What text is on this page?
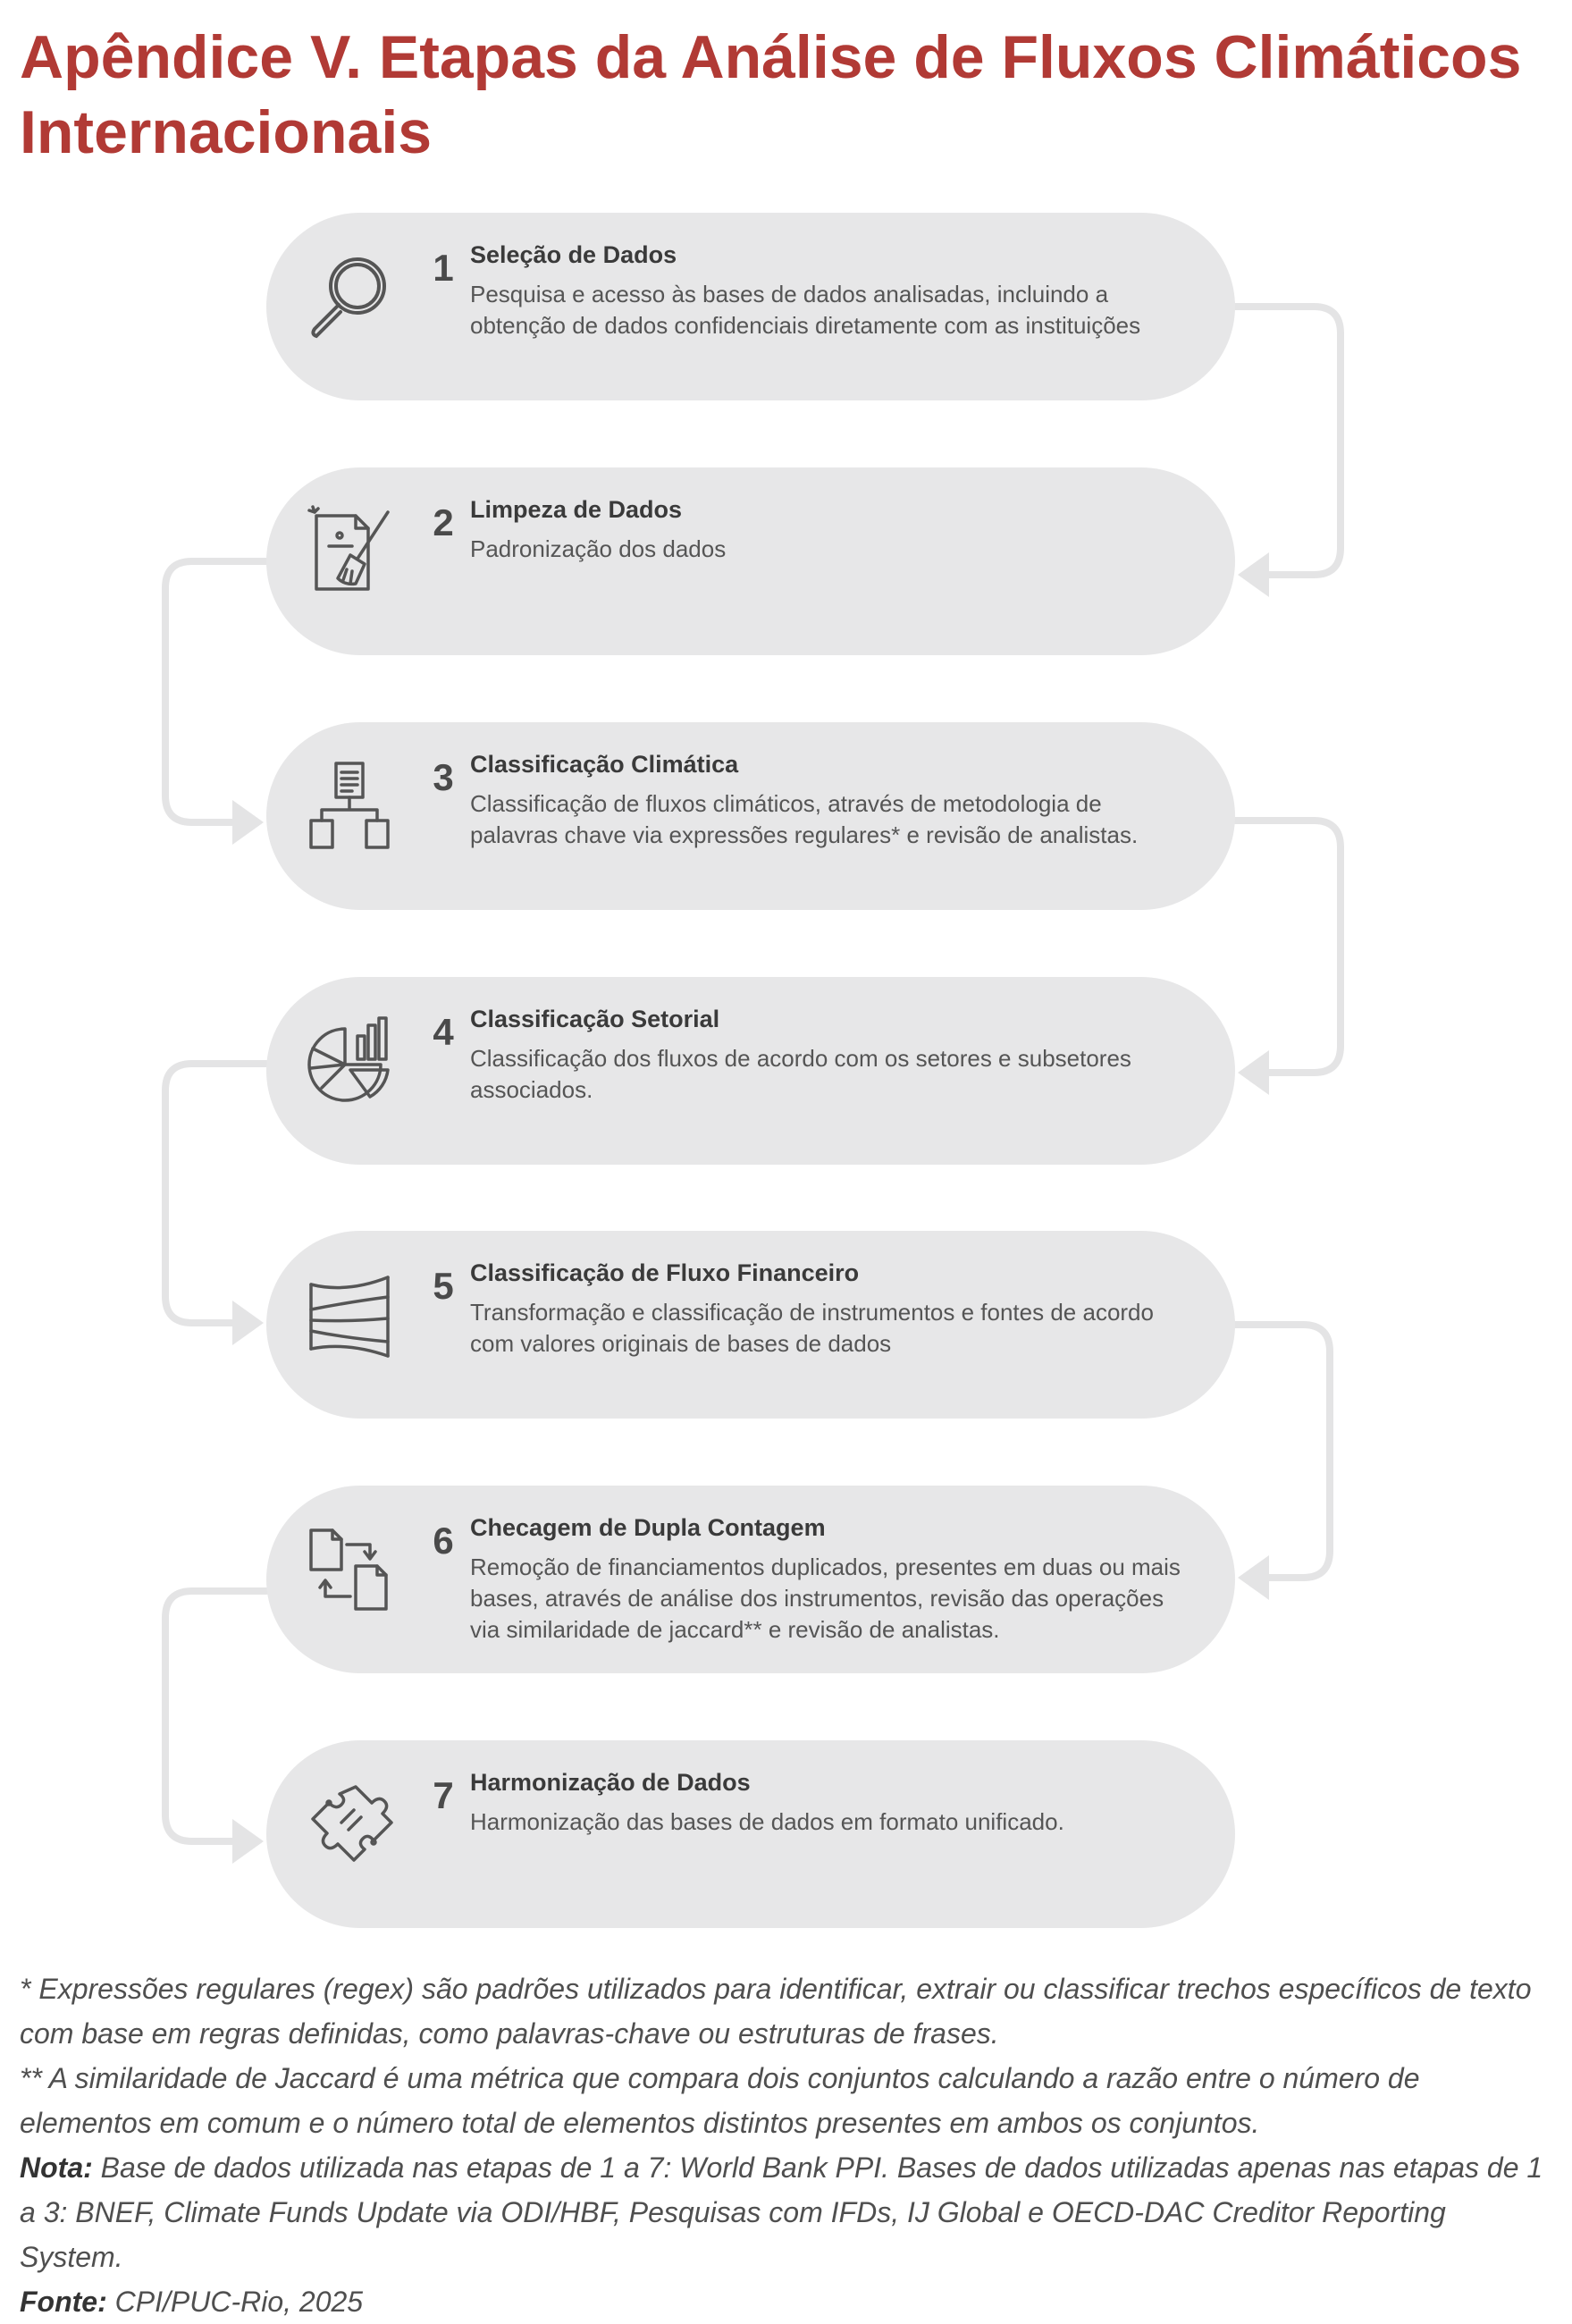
Apêndice V. Etapas da Análise de Fluxos Climáticos Internacionais
1 Seleção de Dados
Pesquisa e acesso às bases de dados analisadas, incluindo a obtenção de dados confidenciais diretamente com as instituições
2 Limpeza de Dados
Padronização dos dados
3 Classificação Climática
Classificação de fluxos climáticos, através de metodologia de palavras chave via expressões regulares* e revisão de analistas.
4 Classificação Setorial
Classificação dos fluxos de acordo com os setores e subsetores associados.
5 Classificação de Fluxo Financeiro
Transformação e classificação de instrumentos e fontes de acordo com valores originais de bases de dados
6 Checagem de Dupla Contagem
Remoção de financiamentos duplicados, presentes em duas ou mais bases, através de análise dos instrumentos, revisão das operações via similaridade de jaccard** e revisão de analistas.
7 Harmonização de Dados
Harmonização das bases de dados em formato unificado.

* Expressões regulares (regex) são padrões utilizados para identificar, extrair ou classificar trechos específicos de texto com base em regras definidas, como palavras-chave ou estruturas de frases.

** A similaridade de Jaccard é uma métrica que compara dois conjuntos calculando a razão entre o número de elementos em comum e o número total de elementos distintos presentes em ambos os conjuntos.

Nota: Base de dados utilizada nas etapas de 1 a 7: World Bank PPI. Bases de dados utilizadas apenas nas etapas de 1 a 3: BNEF, Climate Funds Update via ODI/HBF, Pesquisas com IFDs, IJ Global e OECD-DAC Creditor Reporting System.

Fonte: CPI/PUC-Rio, 2025
